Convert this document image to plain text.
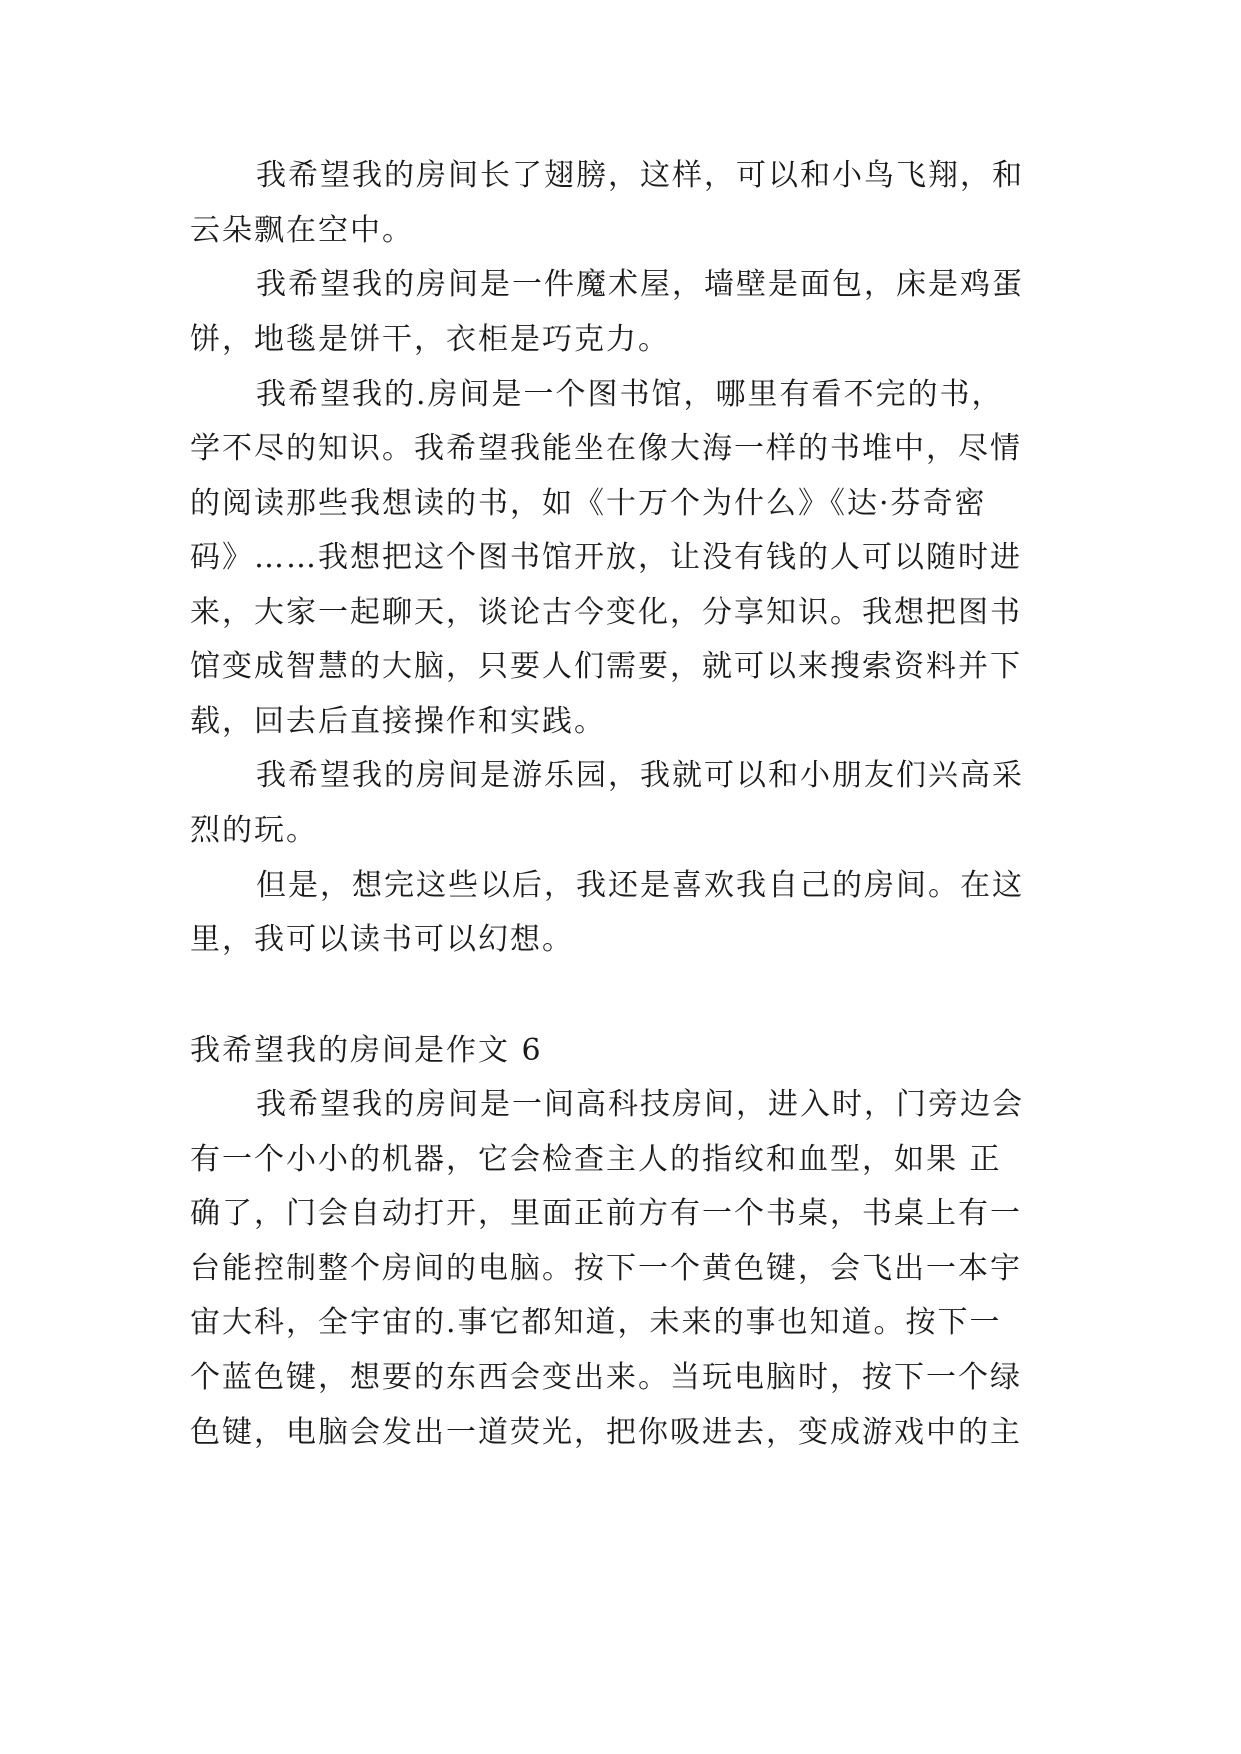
我希望我的房间长了翅膀，这样，可以和小鸟飞翔，和
云朵飘在空中。
我希望我的房间是一件魔术屋，墙壁是面包，床是鸡蛋
饼，地毯是饼干，衣柜是巧克力。
我希望我的.房间是一个图书馆，哪里有看不完的书，
学不尽的知识。我希望我能坐在像大海一样的书堆中，尽情
的阅读那些我想读的书，如《十万个为什么》《达·芬奇密
码》……我想把这个图书馆开放，让没有钱的人可以随时进
来，大家一起聊天，谈论古今变化，分享知识。我想把图书
馆变成智慧的大脑，只要人们需要，就可以来搜索资料并下
载，回去后直接操作和实践。
我希望我的房间是游乐园，我就可以和小朋友们兴高采
烈的玩。
但是，想完这些以后，我还是喜欢我自己的房间。在这
里，我可以读书可以幻想。
我希望我的房间是作文 6
我希望我的房间是一间高科技房间，进入时，门旁边会
有一个小小的机器，它会检查主人的指纹和血型，如果 正
确了，门会自动打开，里面正前方有一个书桌，书桌上有一
台能控制整个房间的电脑。按下一个黄色键，会飞出一本宇
宙大科，全宇宙的.事它都知道，未来的事也知道。按下一
个蓝色键，想要的东西会变出来。当玩电脑时，按下一个绿
色键，电脑会发出一道荧光，把你吸进去，变成游戏中的主
